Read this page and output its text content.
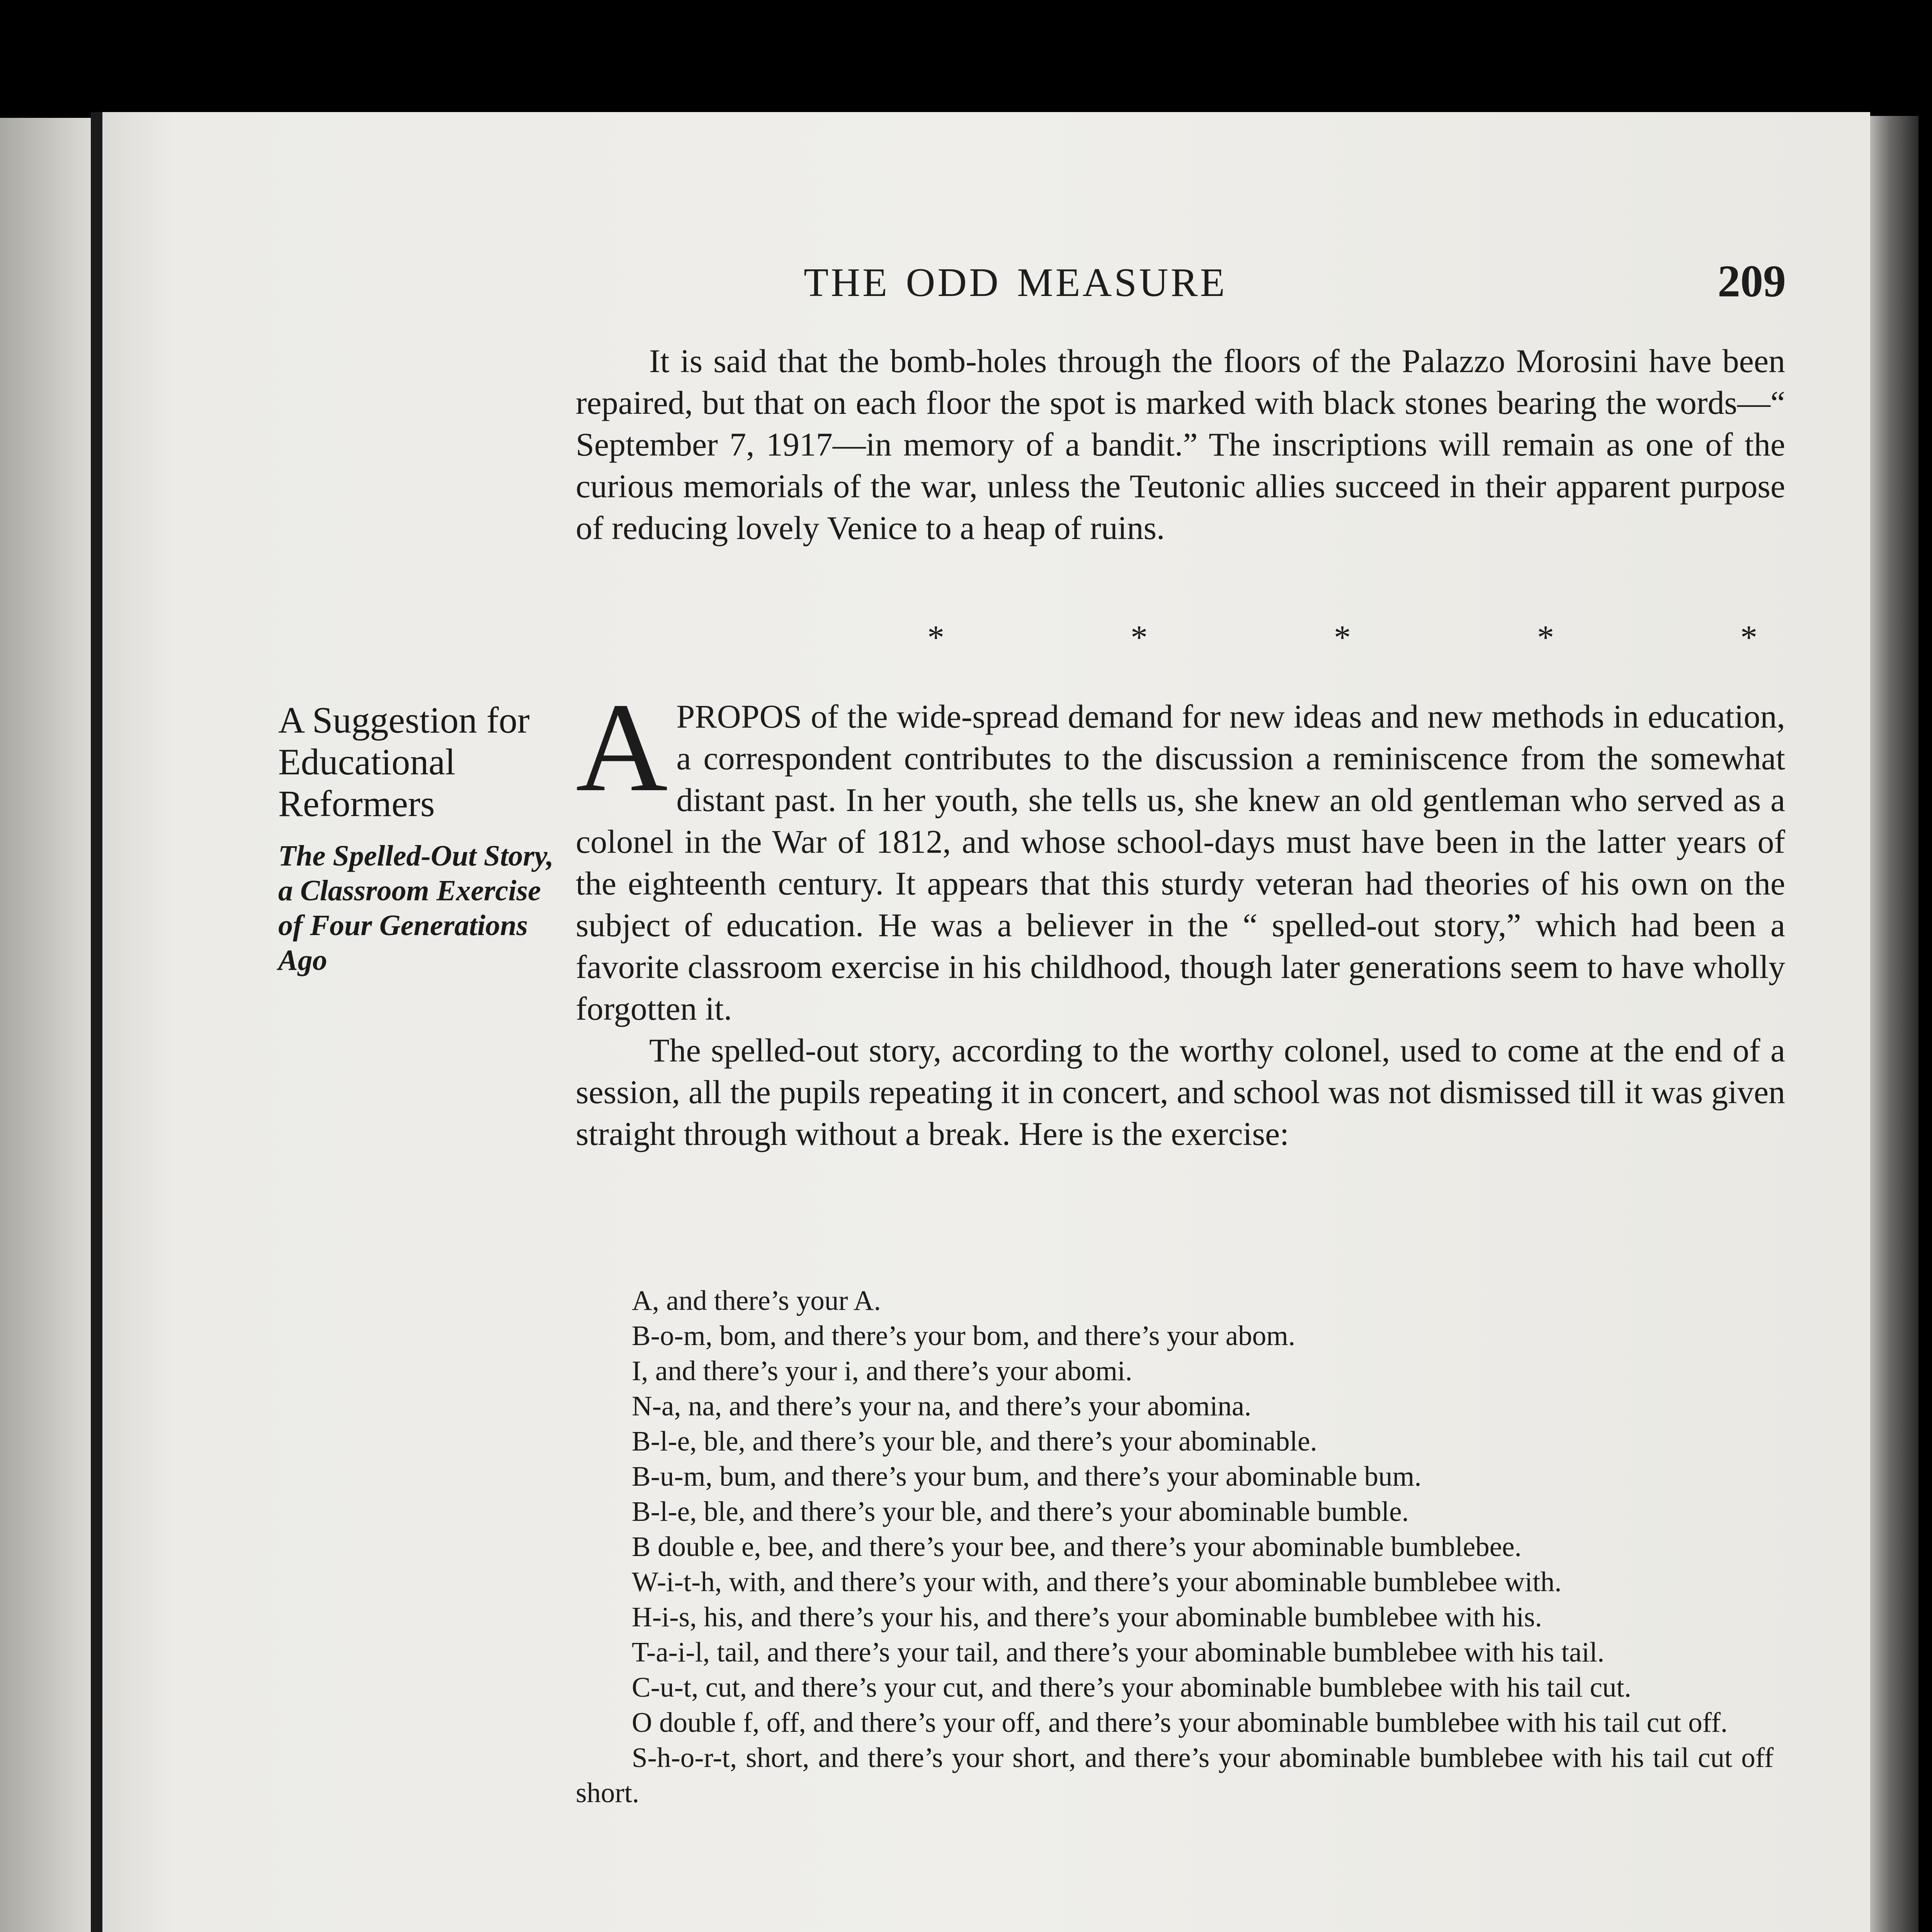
THE ODD MEASURE	209

It is said that the bomb-holes through the floors of the Palazzo Morosini have been repaired, but that on each floor the spot is marked with black stones bearing the words—“ September 7, 1917—in memory of a bandit.” The inscriptions will remain as one of the curious memorials of the war, unless the Teutonic allies succeed in their apparent purpose of reducing lovely Venice to a heap of ruins.

* * * * *
A Suggestion for Educational Reformers
The Spelled-Out Story, a Classroom Exercise of Four Generations Ago

APROPOS of the wide-spread demand for new ideas and new methods in education, a correspondent contributes to the discussion a reminiscence from the somewhat distant past. In her youth, she tells us, she knew an old gentleman who served as a colonel in the War of 1812, and whose school-days must have been in the latter years of the eighteenth century. It appears that this sturdy veteran had theories of his own on the subject of education. He was a believer in the “ spelled-out story,” which had been a favorite classroom exercise in his childhood, though later generations seem to have wholly forgotten it.

The spelled-out story, according to the worthy colonel, used to come at the end of a session, all the pupils repeating it in concert, and school was not dismissed till it was given straight through without a break. Here is the exercise:

A, and there’s your A.

B-o-m, bom, and there’s your bom, and there’s your abom.

I, and there’s your i, and there’s your abomi.

N-a, na, and there’s your na, and there’s your abomina.

B-l-e, ble, and there’s your ble, and there’s your abominable.

B-u-m, bum, and there’s your bum, and there’s your abominable bum.

B-l-e, ble, and there’s your ble, and there’s your abominable bumble.

B double e, bee, and there’s your bee, and there’s your abominable bumblebee.

W-i-t-h, with, and there’s your with, and there’s your abominable bumblebee with.

H-i-s, his, and there’s your his, and there’s your abominable bumblebee with his.

T-a-i-l, tail, and there’s your tail, and there’s your abominable bumblebee with his tail.

C-u-t, cut, and there’s your cut, and there’s your abominable bumblebee with his tail cut.

O double f, off, and there’s your off, and there’s your abominable bumblebee with his tail cut off.

S-h-o-r-t, short, and there’s your short, and there’s your abominable bumblebee with his tail cut off short.
